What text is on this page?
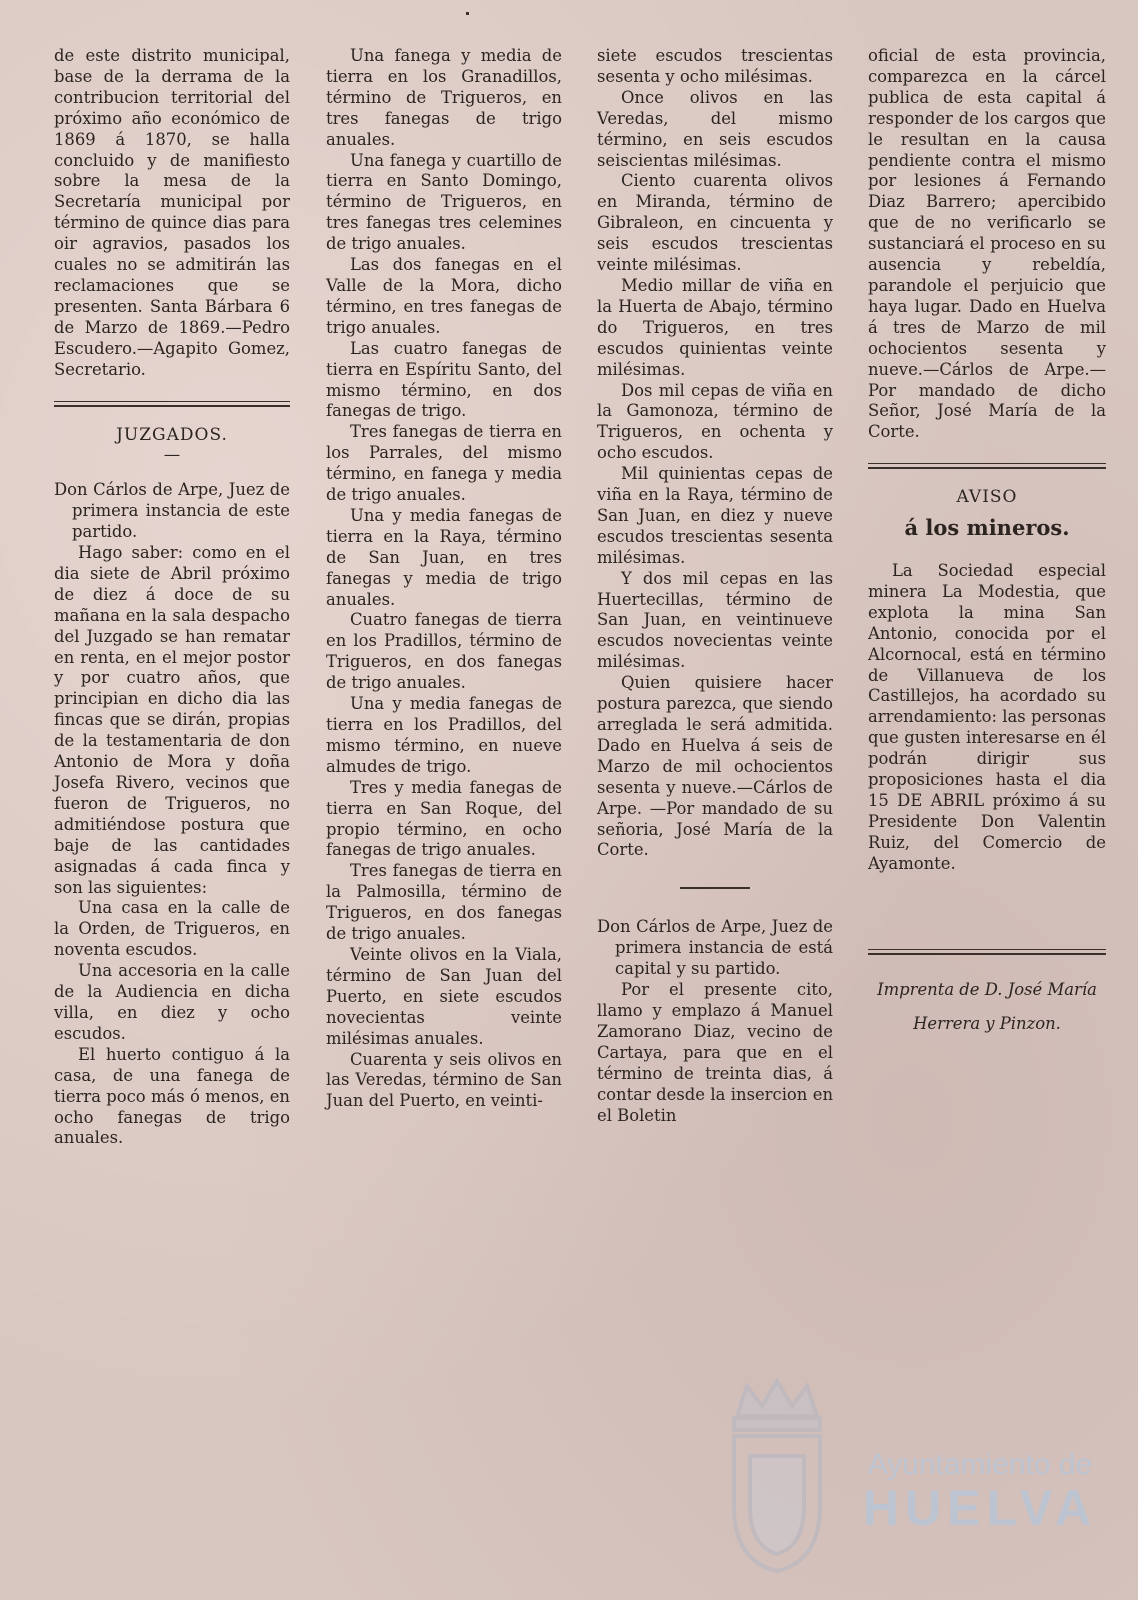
de este distrito municipal, base de la derrama de la contribucion territorial del próximo año económico de 1869 á 1870, se halla concluido y de manifiesto sobre la mesa de la Secretaría municipal por término de quince dias para oir agravios, pasados los cuales no se admitirán las reclamaciones que se presenten. Santa Bárbara 6 de Marzo de 1869.—Pedro Escudero.—Agapito Gomez, Secretario.

JUZGADOS.
—

Don Cárlos de Arpe, Juez de primera instancia de este partido.

Hago saber: como en el dia siete de Abril próximo de diez á doce de su mañana en la sala despacho del Juzgado se han rematar en renta, en el mejor postor y por cuatro años, que principian en dicho dia las fincas que se dirán, propias de la testamentaria de don Antonio de Mora y doña Josefa Rivero, vecinos que fueron de Trigueros, no admitiéndose postura que baje de las cantidades asignadas á cada finca y son las siguientes:

Una casa en la calle de la Orden, de Trigueros, en noventa escudos.

Una accesoria en la calle de la Audiencia en dicha villa, en diez y ocho escudos.

El huerto contiguo á la casa, de una fanega de tierra poco más ó menos, en ocho fanegas de trigo anuales.

Una fanega y media de tierra en los Granadillos, término de Trigueros, en tres fanegas de trigo anuales.

Una fanega y cuartillo de tierra en Santo Domingo, término de Trigueros, en tres fanegas tres celemines de trigo anuales.

Las dos fanegas en el Valle de la Mora, dicho término, en tres fanegas de trigo anuales.

Las cuatro fanegas de tierra en Espíritu Santo, del mismo término, en dos fanegas de trigo.

Tres fanegas de tierra en los Parrales, del mismo término, en fanega y media de trigo anuales.

Una y media fanegas de tierra en la Raya, término de San Juan, en tres fanegas y media de trigo anuales.

Cuatro fanegas de tierra en los Pradillos, término de Trigueros, en dos fanegas de trigo anuales.

Una y media fanegas de tierra en los Pradillos, del mismo término, en nueve almudes de trigo.

Tres y media fanegas de tierra en San Roque, del propio término, en ocho fanegas de trigo anuales.

Tres fanegas de tierra en la Palmosilla, término de Trigueros, en dos fanegas de trigo anuales.

Veinte olivos en la Viala, término de San Juan del Puerto, en siete escudos novecientas veinte milésimas anuales.

Cuarenta y seis olivos en las Veredas, término de San Juan del Puerto, en veinti-

siete escudos trescientas sesenta y ocho milésimas.

Once olivos en las Veredas, del mismo término, en seis escudos seiscientas milésimas.

Ciento cuarenta olivos en Miranda, término de Gibraleon, en cincuenta y seis escudos trescientas veinte milésimas.

Medio millar de viña en la Huerta de Abajo, término do Trigueros, en tres escudos quinientas veinte milésimas.

Dos mil cepas de viña en la Gamonoza, término de Trigueros, en ochenta y ocho escudos.

Mil quinientas cepas de viña en la Raya, término de San Juan, en diez y nueve escudos trescientas sesenta milésimas.

Y dos mil cepas en las Huertecillas, término de San Juan, en veintinueve escudos novecientas veinte milésimas.

Quien quisiere hacer postura parezca, que siendo arreglada le será admitida. Dado en Huelva á seis de Marzo de mil ochocientos sesenta y nueve.—Cárlos de Arpe. —Por mandado de su señoria, José María de la Corte.

Don Cárlos de Arpe, Juez de primera instancia de está capital y su partido.

Por el presente cito, llamo y emplazo á Manuel Zamorano Diaz, vecino de Cartaya, para que en el término de treinta dias, á contar desde la insercion en el Boletin

oficial de esta provincia, comparezca en la cárcel publica de esta capital á responder de los cargos que le resultan en la causa pendiente contra el mismo por lesiones á Fernando Diaz Barrero; apercibido que de no verificarlo se sustanciará el proceso en su ausencia y rebeldía, parandole el perjuicio que haya lugar. Dado en Huelva á tres de Marzo de mil ochocientos sesenta y nueve.—Cárlos de Arpe.—Por mandado de dicho Señor, José María de la Corte.

AVISO
á los mineros.

La Sociedad especial minera La Modestia, que explota la mina San Antonio, conocida por el Alcornocal, está en término de Villanueva de los Castillejos, ha acordado su arrendamiento: las personas que gusten interesarse en él podrán dirigir sus proposiciones hasta el dia 15 DE ABRIL próximo á su Presidente Don Valentin Ruiz, del Comercio de Ayamonte.

Imprenta de D. José María
Herrera y Pinzon.
Ayuntamiento de
HUELVA
